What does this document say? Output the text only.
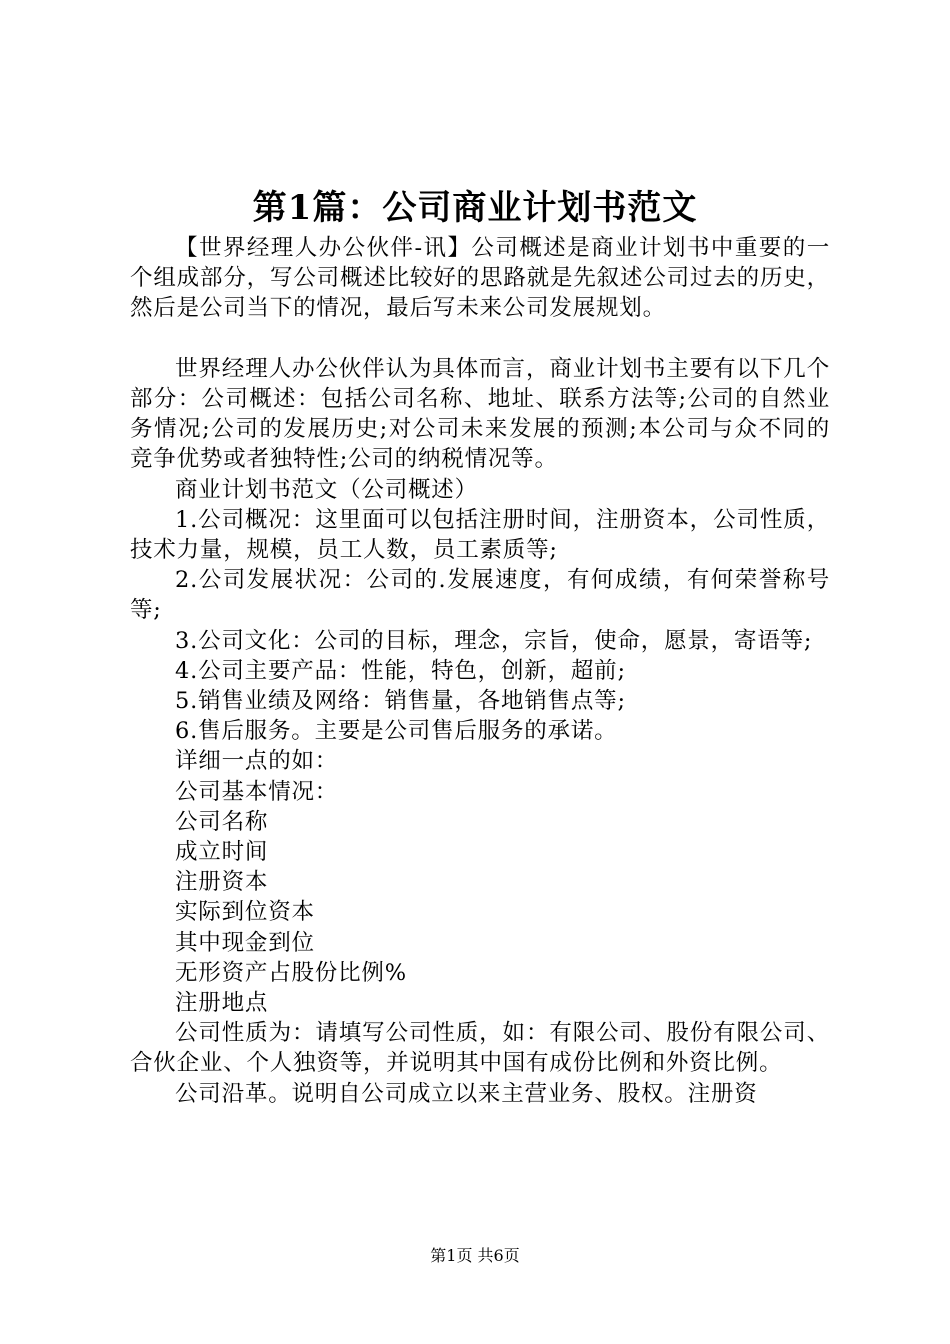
第1篇：公司商业计划书范文

【世界经理人办公伙伴-讯】公司概述是商业计划书中重要的一个组成部分，写公司概述比较好的思路就是先叙述公司过去的历史，然后是公司当下的情况，最后写未来公司发展规划。

世界经理人办公伙伴认为具体而言，商业计划书主要有以下几个部分：公司概述：包括公司名称、地址、联系方法等;公司的自然业务情况;公司的发展历史;对公司未来发展的预测;本公司与众不同的竞争优势或者独特性;公司的纳税情况等。

商业计划书范文（公司概述）

1.公司概况：这里面可以包括注册时间，注册资本，公司性质，技术力量，规模，员工人数，员工素质等;

2.公司发展状况：公司的.发展速度，有何成绩，有何荣誉称号等;

3.公司文化：公司的目标，理念，宗旨，使命，愿景，寄语等;

4.公司主要产品：性能，特色，创新，超前;

5.销售业绩及网络：销售量，各地销售点等;

6.售后服务。主要是公司售后服务的承诺。

详细一点的如：

公司基本情况：

公司名称

成立时间

注册资本

实际到位资本

其中现金到位

无形资产占股份比例%

注册地点

公司性质为：请填写公司性质，如：有限公司、股份有限公司、合伙企业、个人独资等，并说明其中国有成份比例和外资比例。

公司沿革。说明自公司成立以来主营业务、股权。注册资

第1页 共6页
